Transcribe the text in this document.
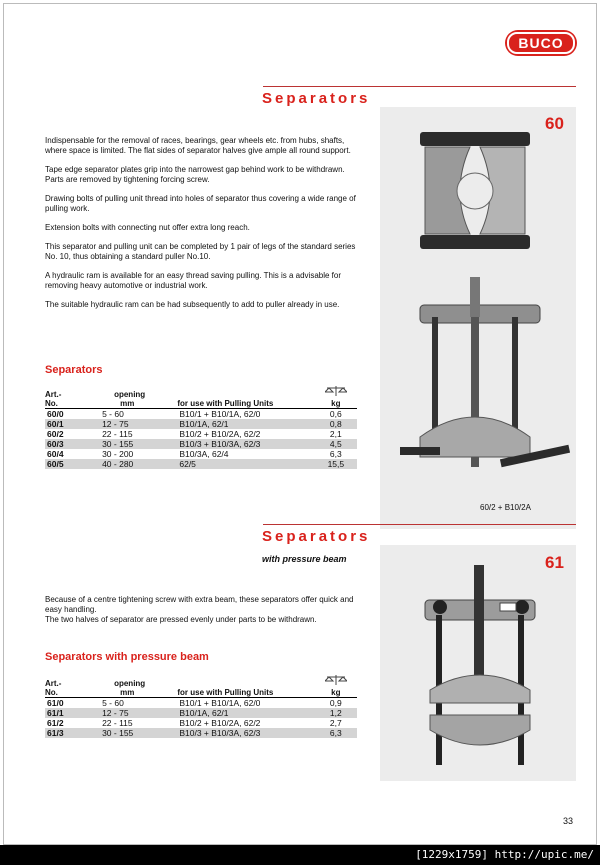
BUCO
Separators
60
60/2 + B10/2A

Indispensable for the removal of races, bearings, gear wheels etc. from hubs, shafts, where space is limited. The flat sides of separator halves give ample all round support.

Tape edge separator plates grip into the narrowest gap behind work to be withdrawn. Parts are removed by tightening forcing screw.

Drawing bolts of pulling unit thread into holes of separator thus covering a wide range of pulling work.

Extension bolts with connecting nut offer extra long reach.

This separator and pulling unit can be completed by 1 pair of legs of the standard series No. 10, thus obtaining a standard puller No.10.

A hydraulic ram is available for an easy thread saving pulling. This is a advisable for removing heavy automotive or industrial work.

The suitable hydraulic ram can be had subsequently to add to puller already in use.

Separators
Art.-	opening		
No.	mm	for use with Pulling Units	kg
60/0	5 - 60	B10/1 + B10/1A, 62/0	0,6
60/1	12 - 75	B10/1A, 62/1	0,8
60/2	22 - 115	B10/2 + B10/2A, 62/2	2,1
60/3	30 - 155	B10/3 + B10/3A, 62/3	4,5
60/4	30 - 200	B10/3A, 62/4	6,3
60/5	40 - 280	62/5	15,5
Separators
with pressure beam	61

Because of a centre tightening screw with extra beam, these separators offer quick and easy handling.

The two halves of separator are pressed evenly under parts to be withdrawn.

Separators with pressure beam
Art.-	opening		
No.	mm	for use with Pulling Units	kg
61/0	5 - 60	B10/1 + B10/1A, 62/0	0,9
61/1	12 - 75	B10/1A, 62/1	1,2
61/2	22 - 115	B10/2 + B10/2A, 62/2	2,7
61/3	30 - 155	B10/3 + B10/3A, 62/3	6,3
33
[1229x1759] http://upic.me/
